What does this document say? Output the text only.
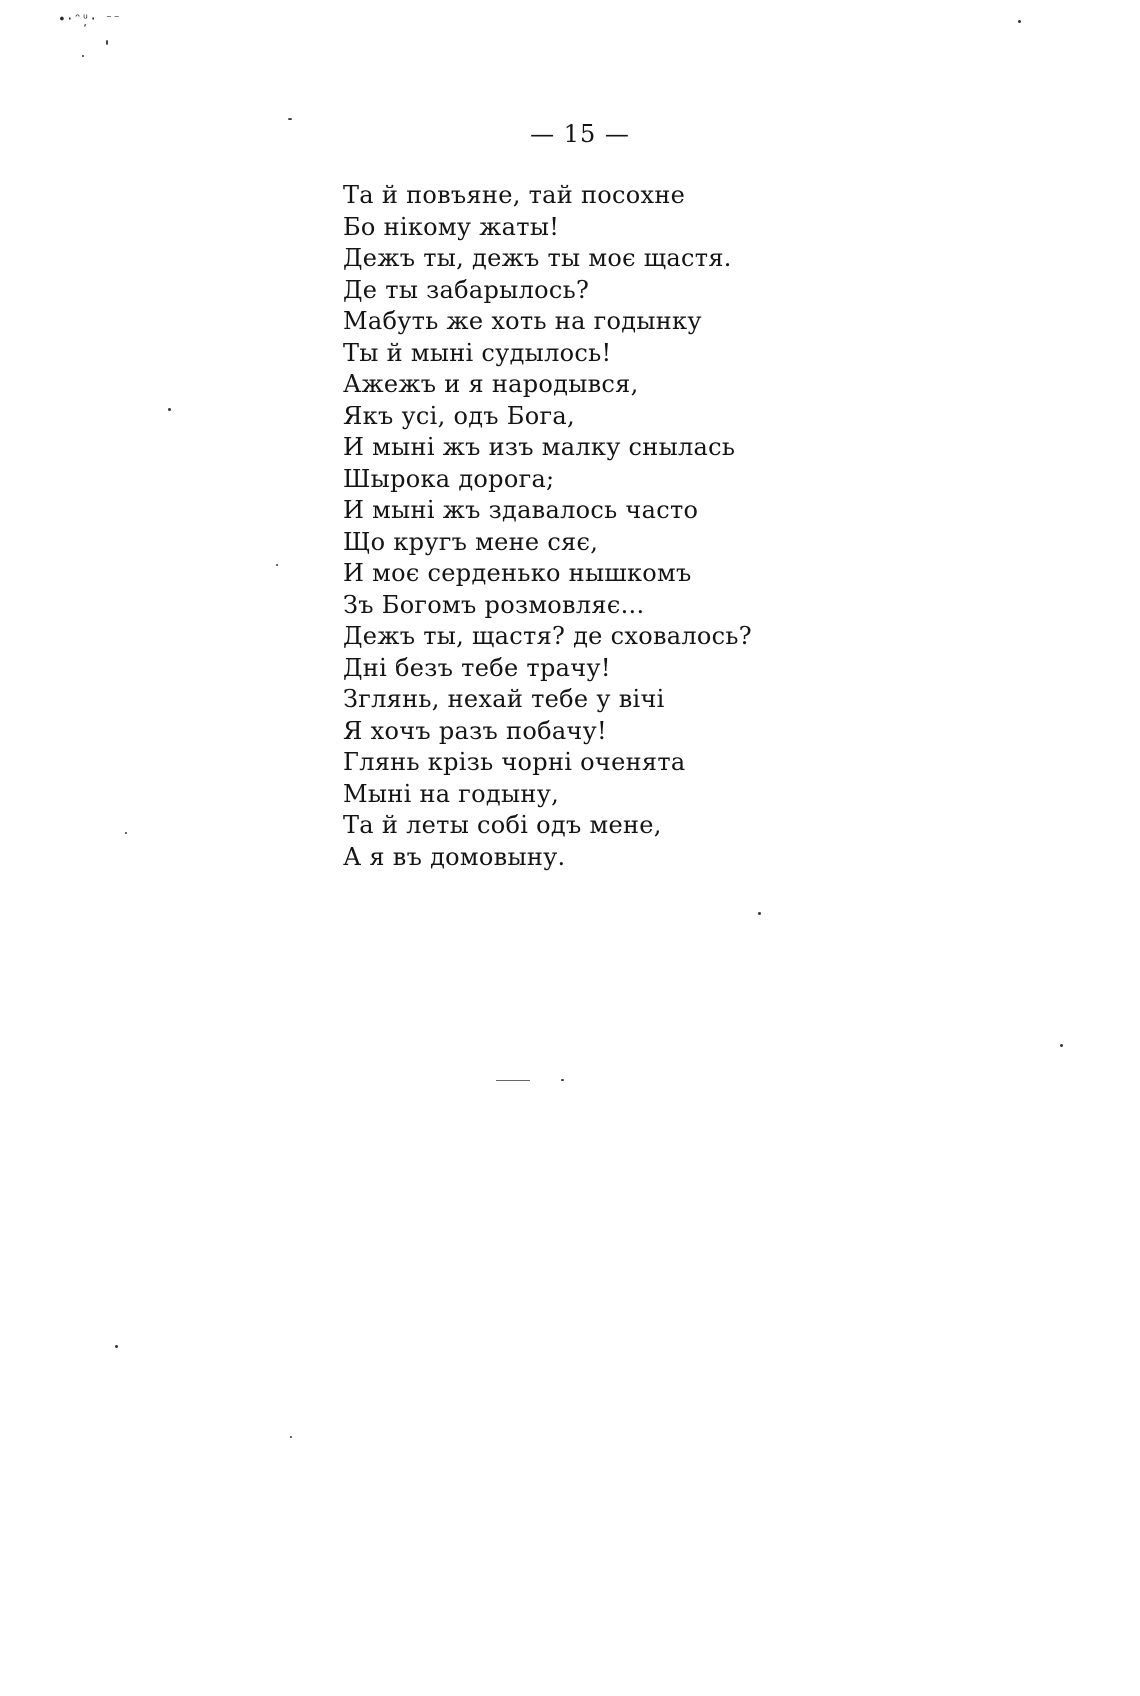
∙·ᵔ̦ᵘ· ⁻⁻
— 15 —
Та й повъяне, тай посохне
Бо нікому жаты!
Дежъ ты, дежъ ты моє щастя.
Де ты забарылось?
Мабуть же хоть на годынку
Ты й мыні судылось!
Ажежъ и я народывся,
Якъ усі, одъ Бога,
И мыні жъ изъ малку снылась
Шырока дорога;
И мыні жъ здавалось часто
Що кругъ мене сяє,
И моє серденько нышкомъ
Зъ Богомъ розмовляє...
Дежъ ты, щастя? де сховалось?
Дні безъ тебе трачу!
Зглянь, нехай тебе у вічі
Я хочъ разъ побачу!
Глянь крізь чорні оченята
Мыні на годыну,
Та й леты собі одъ мене,
А я въ домовыну.
